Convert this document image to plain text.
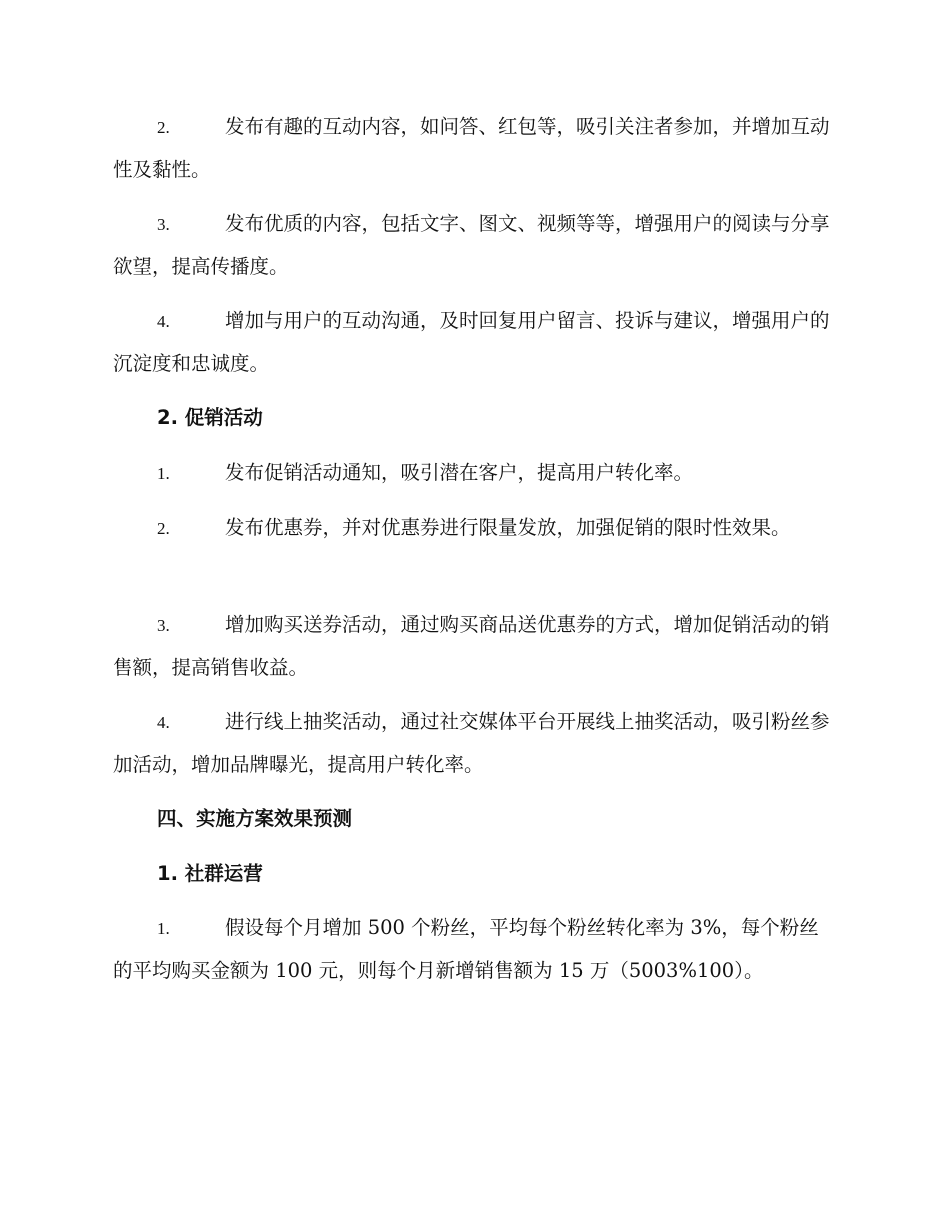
2.	发布有趣的互动内容，如问答、红包等，吸引关注者参加，并增加互动性及黏性。

3.	发布优质的内容，包括文字、图文、视频等等，增强用户的阅读与分享欲望，提高传播度。

4.	增加与用户的互动沟通，及时回复用户留言、投诉与建议，增强用户的沉淀度和忠诚度。

2. 促销活动

1.	发布促销活动通知，吸引潜在客户，提高用户转化率。

2.	发布优惠券，并对优惠券进行限量发放，加强促销的限时性效果。

3.	增加购买送券活动，通过购买商品送优惠券的方式，增加促销活动的销售额，提高销售收益。

4.	进行线上抽奖活动，通过社交媒体平台开展线上抽奖活动，吸引粉丝参加活动，增加品牌曝光，提高用户转化率。

四、实施方案效果预测

1. 社群运营

1.	假设每个月增加 500 个粉丝，平均每个粉丝转化率为 3%，每个粉丝的平均购买金额为 100 元，则每个月新增销售额为 15 万（5003%100）。
